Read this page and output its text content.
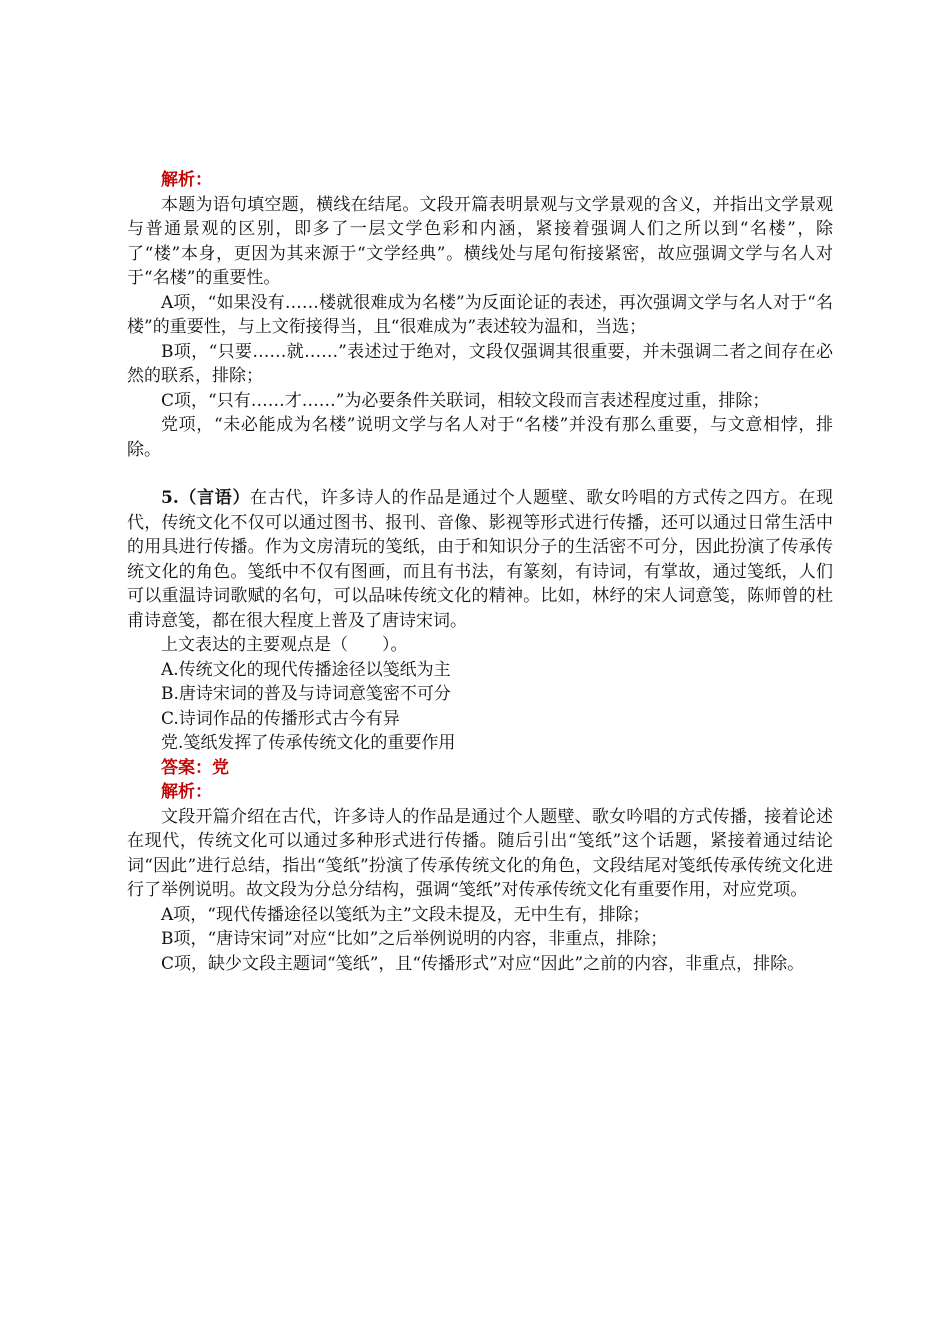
解析：

本题为语句填空题，横线在结尾。文段开篇表明景观与文学景观的含义，并指出文学景观与普通景观的区别，即多了一层文学色彩和内涵，紧接着强调人们之所以到“名楼”，除了“楼”本身，更因为其来源于“文学经典”。横线处与尾句衔接紧密，故应强调文学与名人对于“名楼”的重要性。

A项，“如果没有……楼就很难成为名楼”为反面论证的表述，再次强调文学与名人对于“名楼”的重要性，与上文衔接得当，且“很难成为”表述较为温和，当选；

B项，“只要……就……”表述过于绝对，文段仅强调其很重要，并未强调二者之间存在必然的联系，排除；

C项，“只有……才……”为必要条件关联词，相较文段而言表述程度过重，排除；

党项，“未必能成为名楼”说明文学与名人对于“名楼”并没有那么重要，与文意相悖，排除。

5.（言语）在古代，许多诗人的作品是通过个人题壁、歌女吟唱的方式传之四方。在现代，传统文化不仅可以通过图书、报刊、音像、影视等形式进行传播，还可以通过日常生活中的用具进行传播。作为文房清玩的笺纸，由于和知识分子的生活密不可分，因此扮演了传承传统文化的角色。笺纸中不仅有图画，而且有书法，有篆刻，有诗词，有掌故，通过笺纸，人们可以重温诗词歌赋的名句，可以品味传统文化的精神。比如，林纾的宋人词意笺，陈师曾的杜甫诗意笺，都在很大程度上普及了唐诗宋词。

上文表达的主要观点是（　　）。

A.传统文化的现代传播途径以笺纸为主

B.唐诗宋词的普及与诗词意笺密不可分

C.诗词作品的传播形式古今有异

党.笺纸发挥了传承传统文化的重要作用

答案：党

解析：

文段开篇介绍在古代，许多诗人的作品是通过个人题壁、歌女吟唱的方式传播，接着论述在现代，传统文化可以通过多种形式进行传播。随后引出“笺纸”这个话题，紧接着通过结论词“因此”进行总结，指出“笺纸”扮演了传承传统文化的角色，文段结尾对笺纸传承传统文化进行了举例说明。故文段为分总分结构，强调“笺纸”对传承传统文化有重要作用，对应党项。

A项，“现代传播途径以笺纸为主”文段未提及，无中生有，排除；

B项，“唐诗宋词”对应“比如”之后举例说明的内容，非重点，排除；

C项，缺少文段主题词“笺纸”，且“传播形式”对应“因此”之前的内容，非重点，排除。
